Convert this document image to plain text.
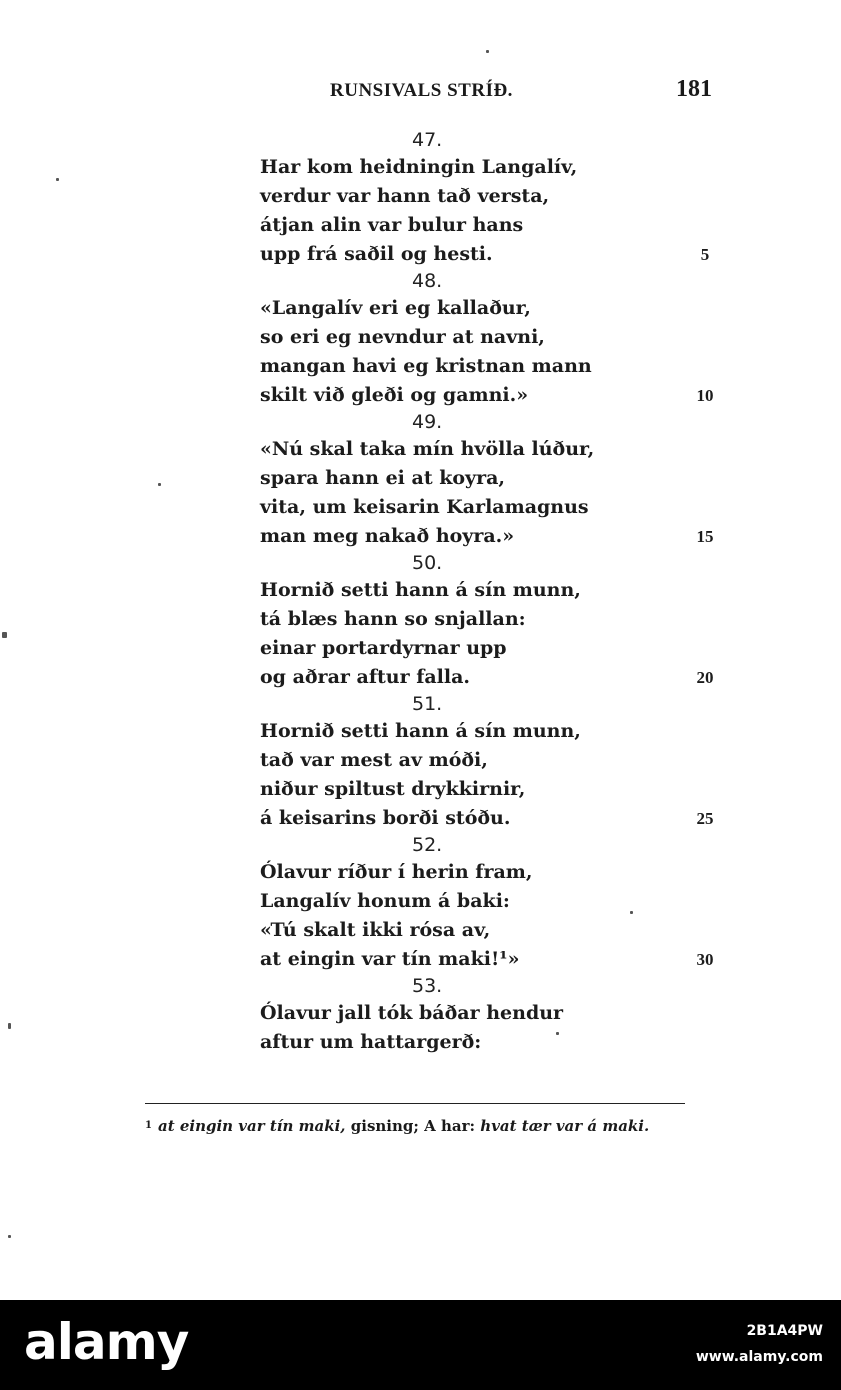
RUNSIVALS STRÍÐ.	181
47.
Har kom heidningin Langalív,
verdur var hann tað versta,
átjan alin var bulur hans
upp frá saðil og hesti.	5
48.
«Langalív eri eg kallaður,
so eri eg nevndur at navni,
mangan havi eg kristnan mann
skilt við gleði og gamni.»	10
49.
«Nú skal taka mín hvölla lúður,
spara hann ei at koyra,
vita, um keisarin Karlamagnus
man meg nakað hoyra.»	15
50.
Hornið setti hann á sín munn,
tá blæs hann so snjallan:
einar portardyrnar upp
og aðrar aftur falla.	20
51.
Hornið setti hann á sín munn,
tað var mest av móði,
niður spiltust drykkirnir,
á keisarins borði stóðu.	25
52.
Ólavur ríður í herin fram,
Langalív honum á baki:
«Tú skalt ikki rósa av,
at eingin var tín maki!¹»	30
53.
Ólavur jall tók báðar hendur
aftur um hattargerð:
$^1$ at eingin var tín maki, gisning; A har: hvat tær var á maki.
alamy	2B1A4PW
www.alamy.com
